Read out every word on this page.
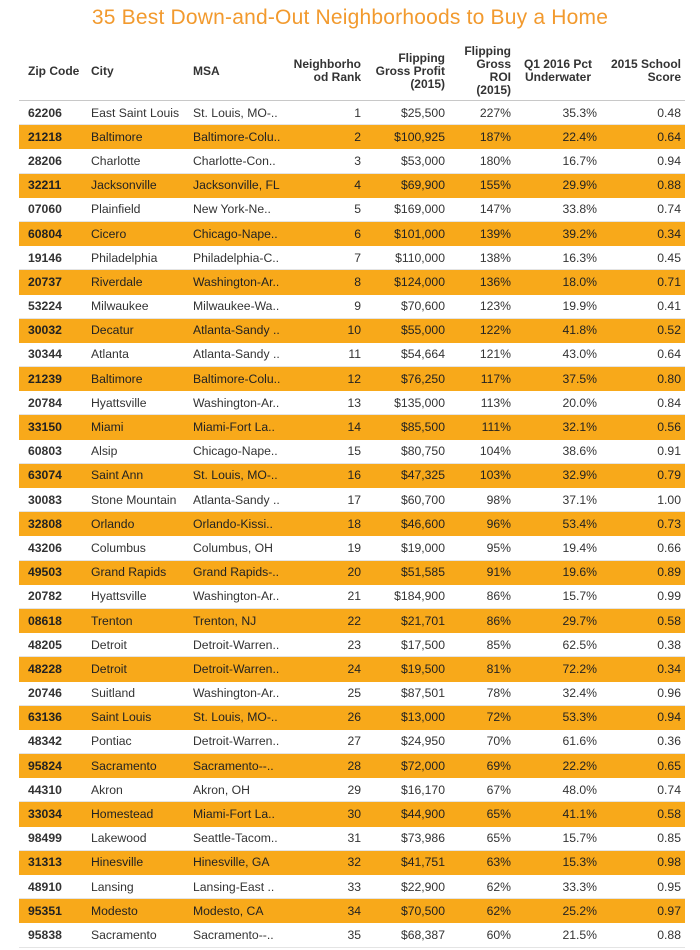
35 Best Down-and-Out Neighborhoods to Buy a Home
Zip Code	City	MSA	Neighborho od Rank	Flipping Gross Profit (2015)	Flipping Gross ROI (2015)	Q1 2016 Pct Underwater	2015 School Score
62206	East Saint Louis	St. Louis, MO-..	1	$25,500	227%	35.3%	0.48
21218	Baltimore	Baltimore-Colu..	2	$100,925	187%	22.4%	0.64
28206	Charlotte	Charlotte-Con..	3	$53,000	180%	16.7%	0.94
32211	Jacksonville	Jacksonville, FL	4	$69,900	155%	29.9%	0.88
07060	Plainfield	New York-Ne..	5	$169,000	147%	33.8%	0.74
60804	Cicero	Chicago-Nape..	6	$101,000	139%	39.2%	0.34
19146	Philadelphia	Philadelphia-C..	7	$110,000	138%	16.3%	0.45
20737	Riverdale	Washington-Ar..	8	$124,000	136%	18.0%	0.71
53224	Milwaukee	Milwaukee-Wa..	9	$70,600	123%	19.9%	0.41
30032	Decatur	Atlanta-Sandy ..	10	$55,000	122%	41.8%	0.52
30344	Atlanta	Atlanta-Sandy ..	11	$54,664	121%	43.0%	0.64
21239	Baltimore	Baltimore-Colu..	12	$76,250	117%	37.5%	0.80
20784	Hyattsville	Washington-Ar..	13	$135,000	113%	20.0%	0.84
33150	Miami	Miami-Fort La..	14	$85,500	111%	32.1%	0.56
60803	Alsip	Chicago-Nape..	15	$80,750	104%	38.6%	0.91
63074	Saint Ann	St. Louis, MO-..	16	$47,325	103%	32.9%	0.79
30083	Stone Mountain	Atlanta-Sandy ..	17	$60,700	98%	37.1%	1.00
32808	Orlando	Orlando-Kissi..	18	$46,600	96%	53.4%	0.73
43206	Columbus	Columbus, OH	19	$19,000	95%	19.4%	0.66
49503	Grand Rapids	Grand Rapids-..	20	$51,585	91%	19.6%	0.89
20782	Hyattsville	Washington-Ar..	21	$184,900	86%	15.7%	0.99
08618	Trenton	Trenton, NJ	22	$21,701	86%	29.7%	0.58
48205	Detroit	Detroit-Warren..	23	$17,500	85%	62.5%	0.38
48228	Detroit	Detroit-Warren..	24	$19,500	81%	72.2%	0.34
20746	Suitland	Washington-Ar..	25	$87,501	78%	32.4%	0.96
63136	Saint Louis	St. Louis, MO-..	26	$13,000	72%	53.3%	0.94
48342	Pontiac	Detroit-Warren..	27	$24,950	70%	61.6%	0.36
95824	Sacramento	Sacramento--..	28	$72,000	69%	22.2%	0.65
44310	Akron	Akron, OH	29	$16,170	67%	48.0%	0.74
33034	Homestead	Miami-Fort La..	30	$44,900	65%	41.1%	0.58
98499	Lakewood	Seattle-Tacom..	31	$73,986	65%	15.7%	0.85
31313	Hinesville	Hinesville, GA	32	$41,751	63%	15.3%	0.98
48910	Lansing	Lansing-East ..	33	$22,900	62%	33.3%	0.95
95351	Modesto	Modesto, CA	34	$70,500	62%	25.2%	0.97
95838	Sacramento	Sacramento--..	35	$68,387	60%	21.5%	0.88
